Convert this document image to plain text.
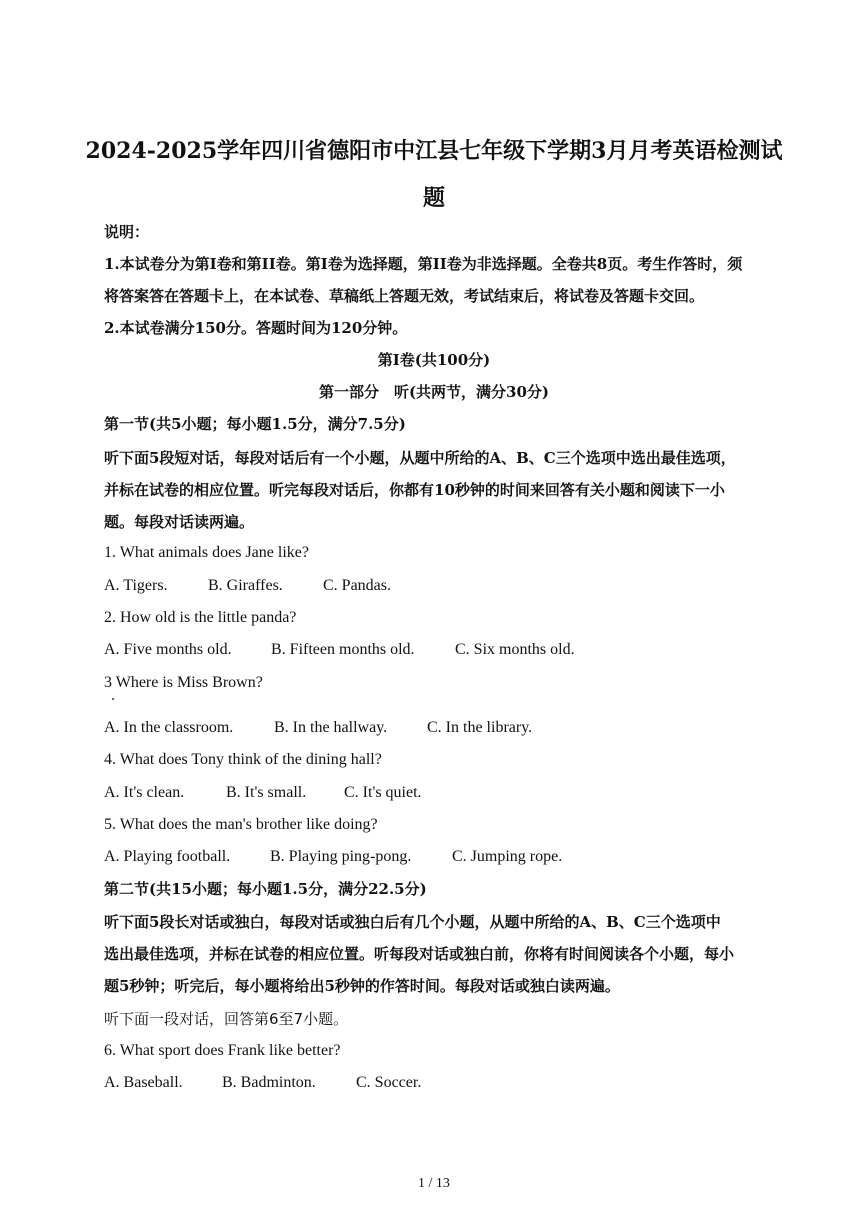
2024-2025学年四川省德阳市中江县七年级下学期3月月考英语检测试
题
说明：
1.本试卷分为第I卷和第II卷。第I卷为选择题，第II卷为非选择题。全卷共8页。考生作答时，须
将答案答在答题卡上，在本试卷、草稿纸上答题无效，考试结束后，将试卷及答题卡交回。
2.本试卷满分150分。答题时间为120分钟。
第I卷(共100分)
第一部分　听(共两节，满分30分)
第一节(共5小题；每小题1.5分，满分7.5分)
听下面5段短对话，每段对话后有一个小题，从题中所给的A、B、C三个选项中选出最佳选项，
并标在试卷的相应位置。听完每段对话后，你都有10秒钟的时间来回答有关小题和阅读下一小
题。每段对话读两遍。
1. What animals does Jane like?
A. Tigers.	B. Giraffes.	C. Pandas.
2. How old is the little panda?
A. Five months old. B. Fifteen months old.	C. Six months old.
3 Where is Miss Brown?
A. In the classroom.	B. In the hallway. C. In the library.
4. What does Tony think of the dining hall?
A. It's clean.	B. It's small. C. It's quiet.
5. What does the man's brother like doing?
A. Playing football. B. Playing ping-pong.	C. Jumping rope.
第二节(共15小题；每小题1.5分，满分22.5分)
听下面5段长对话或独白，每段对话或独白后有几个小题，从题中所给的A、B、C三个选项中
选出最佳选项，并标在试卷的相应位置。听每段对话或独白前，你将有时间阅读各个小题，每小
题5秒钟；听完后，每小题将给出5秒钟的作答时间。每段对话或独白读两遍。
听下面一段对话，回答第6至7小题。
6. What sport does Frank like better?
A. Baseball. B. Badminton.	C. Soccer.
1 / 13
